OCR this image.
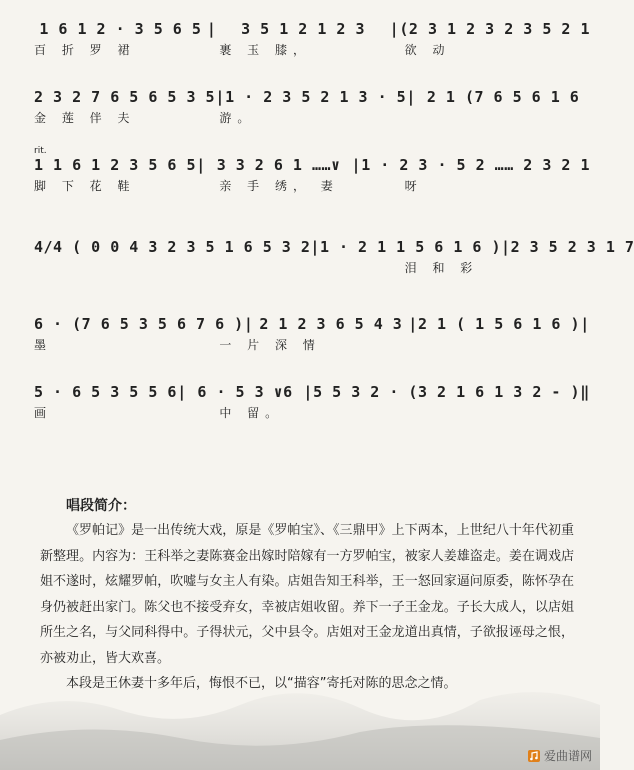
1 6 1 2 · 3 5 6 5 |	3 5 1 2 1 2 3	| (2 3 1 2 3 2 3 5 2 1
百 折 罗 裙	裹 玉 膝，	欲 动
2 3 2 7 6 5 6 5 3 5 | 1 · 2 3 5 2 1 3 · 5 | 2 1 (7 6 5 6 1 6
金 莲 伴 夫	游。
rit.
1 1 6 1 2 3 5 6 5 | 3 3 2 6 1 ……∨ | 1 · 2 3 · 5 2 …… 2 3 2 1
脚 下 花 鞋	亲 手 绣， 妻	呀
4/4 ( 0 0 4 3 2 3 5 1 6 5 3 2 | 1 · 2 1 1 5 6 1 6 ) | 2 3 5 2 3 1 7
泪 和 彩
6 · (7 6 5 3 5 6 7 6 ) | 2 1 2 3 6 5 4 3 | 2 1 ( 1 5 6 1 6 ) |
墨	一 片 深 情
5 · 6 5 3 5 5 6 | 6 · 5 3 ∨6 | 5 5 3 2 · (3 2 1 6 1 3 2 - ) ‖
画	中 留。
唱段简介：

《罗帕记》是一出传统大戏，原是《罗帕宝》、《三鼎甲》上下两本，上世纪八十年代初重新整理。内容为：王科举之妻陈赛金出嫁时陪嫁有一方罗帕宝，被家人姜雄盗走。姜在调戏店姐不遂时，炫耀罗帕，吹嘘与女主人有染。店姐告知王科举，王一怒回家逼问原委，陈怀孕在身仍被赶出家门。陈父也不接受弃女，幸被店姐收留。养下一子王金龙。子长大成人，以店姐所生之名，与父同科得中。子得状元，父中县令。店姐对王金龙道出真情，子欲报诬母之恨，亦被劝止，皆大欢喜。

本段是王休妻十多年后，悔恨不已，以“描容”寄托对陈的思念之情。

爱曲谱网
